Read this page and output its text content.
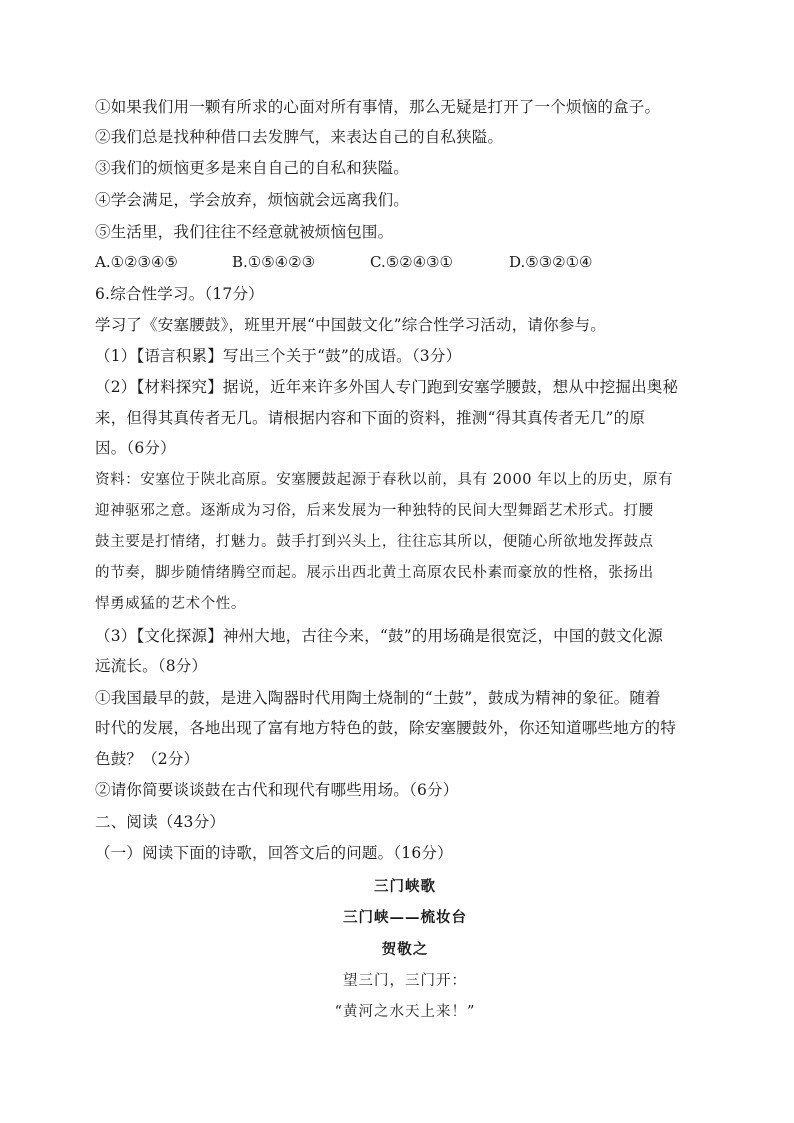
①如果我们用一颗有所求的心面对所有事情，那么无疑是打开了一个烦恼的盒子。
②我们总是找种种借口去发脾气，来表达自己的自私狭隘。
③我们的烦恼更多是来自自己的自私和狭隘。
④学会满足，学会放弃，烦恼就会远离我们。
⑤生活里，我们往往不经意就被烦恼包围。
A.①②③④⑤	B.①⑤④②③	C.⑤②④③①	D.⑤③②①④
6.综合性学习。（17分）
学习了《安塞腰鼓》，班里开展“中国鼓文化”综合性学习活动，请你参与。
（1）【语言积累】写出三个关于“鼓”的成语。（3分）
（2）【材料探究】据说，近年来许多外国人专门跑到安塞学腰鼓，想从中挖掘出奥秘
来，但得其真传者无几。请根据内容和下面的资料，推测“得其真传者无几”的原
因。（6分）
资料：安塞位于陕北高原。安塞腰鼓起源于春秋以前，具有 2000 年以上的历史，原有
迎神驱邪之意。逐渐成为习俗，后来发展为一种独特的民间大型舞蹈艺术形式。打腰
鼓主要是打情绪，打魅力。鼓手打到兴头上，往往忘其所以，便随心所欲地发挥鼓点
的节奏，脚步随情绪腾空而起。展示出西北黄土高原农民朴素而豪放的性格，张扬出
悍勇威猛的艺术个性。
（3）【文化探源】神州大地，古往今来，“鼓”的用场确是很宽泛，中国的鼓文化源
远流长。（8分）
①我国最早的鼓，是进入陶器时代用陶土烧制的“土鼓”，鼓成为精神的象征。随着
时代的发展，各地出现了富有地方特色的鼓，除安塞腰鼓外，你还知道哪些地方的特
色鼓？（2分）
②请你简要谈谈鼓在古代和现代有哪些用场。（6分）
二、阅读（43分）
（一）阅读下面的诗歌，回答文后的问题。（16分）
三门峡歌
三门峡——梳妆台
贺敬之
望三门，三门开：
“黄河之水天上来！”
